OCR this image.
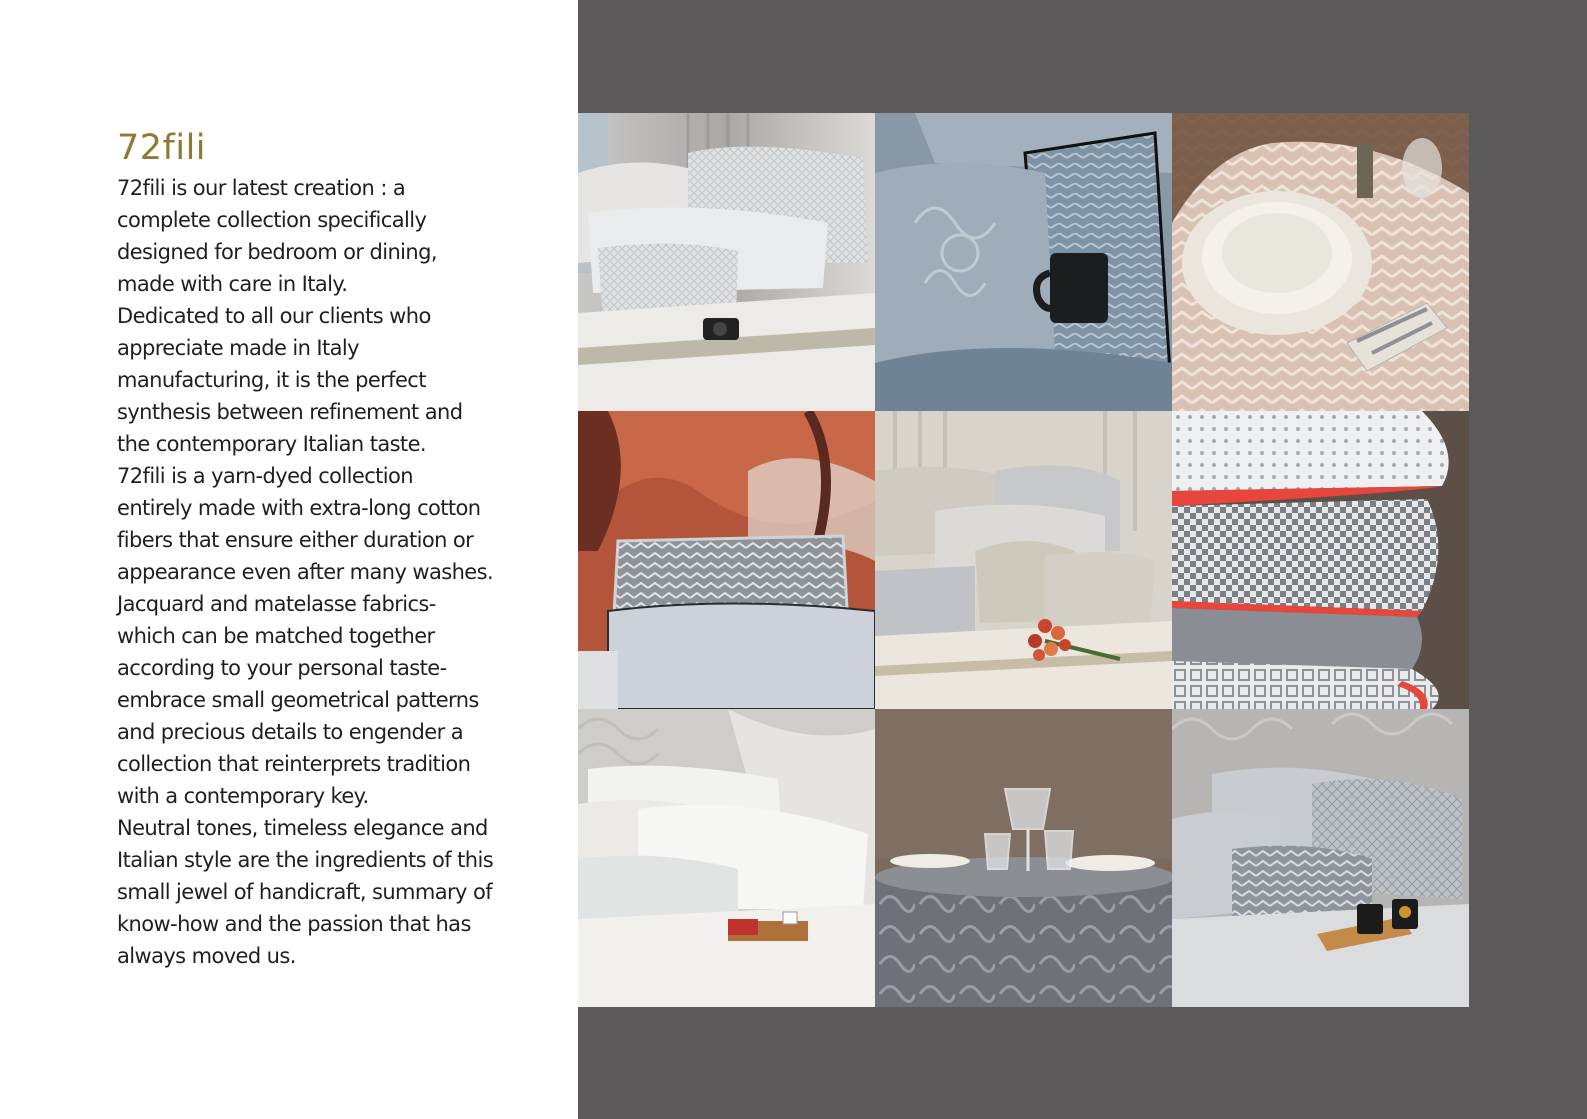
72fili
72fili is our latest creation : a
complete collection specifically
designed for bedroom or dining,
made with care in Italy.
Dedicated to all our clients who
appreciate made in Italy
manufacturing, it is the perfect
synthesis between refinement and
the contemporary Italian taste.
72fili is a yarn-dyed collection
entirely made with extra-long cotton
fibers that ensure either duration or
appearance even after many washes.
Jacquard and matelasse fabrics-
which can be matched together
according to your personal taste-
embrace small geometrical patterns
and precious details to engender a
collection that reinterprets tradition
with a contemporary key.
Neutral tones, timeless elegance and
Italian style are the ingredients of this
small jewel of handicraft, summary of
know-how and the passion that has
always moved us.
